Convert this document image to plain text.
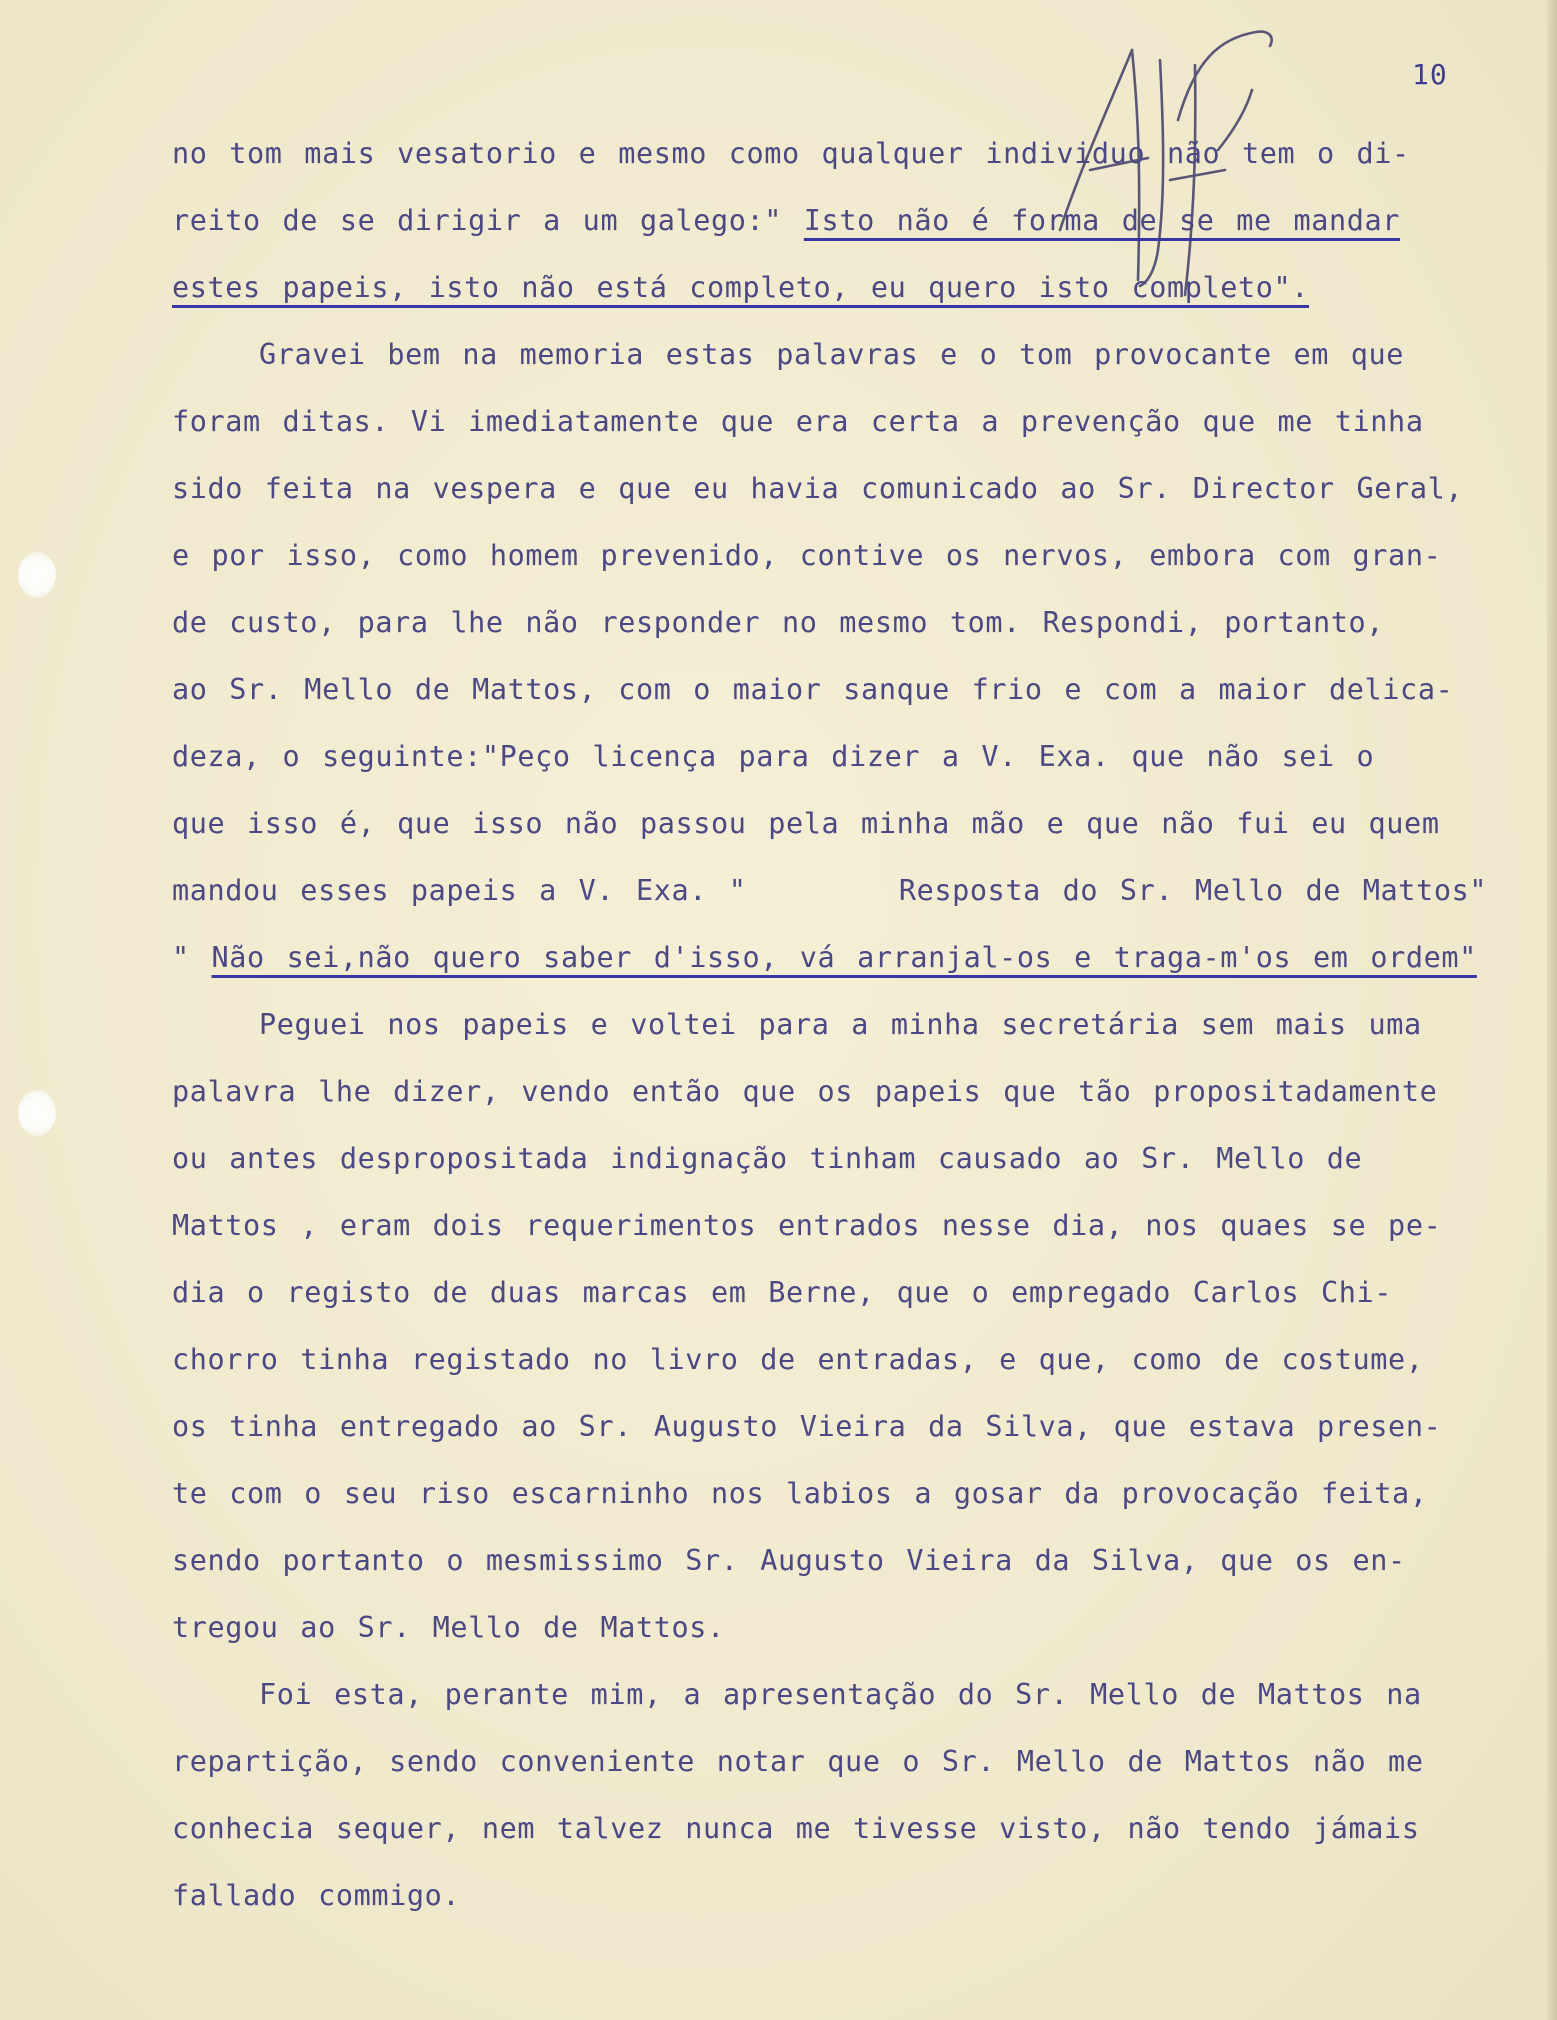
10
no tom mais vesatorio e mesmo como qualquer individuo não tem o di-
reito de se dirigir a um galego:" Isto não é forma de se me mandar
estes papeis, isto não está completo, eu quero isto completo".
Gravei bem na memoria estas palavras e o tom provocante em que
foram ditas. Vi imediatamente que era certa a prevenção que me tinha
sido feita na vespera e que eu havia comunicado ao Sr. Director Geral,
e por isso, como homem prevenido, contive os nervos, embora com gran-
de custo, para lhe não responder no mesmo tom. Respondi, portanto,
ao Sr. Mello de Mattos, com o maior sanque frio e com a maior delica-
deza, o seguinte:"Peço licença para dizer a V. Exa. que não sei o
que isso é, que isso não passou pela minha mão e que não fui eu quem
mandou esses papeis a V. Exa. "       Resposta do Sr. Mello de Mattos"
" Não sei,não quero saber d'isso, vá arranjal-os e traga-m'os em ordem"
Peguei nos papeis e voltei para a minha secretária sem mais uma
palavra lhe dizer, vendo então que os papeis que tão propositadamente
ou antes despropositada indignação tinham causado ao Sr. Mello de
Mattos , eram dois requerimentos entrados nesse dia, nos quaes se pe-
dia o registo de duas marcas em Berne, que o empregado Carlos Chi-
chorro tinha registado no livro de entradas, e que, como de costume,
os tinha entregado ao Sr. Augusto Vieira da Silva, que estava presen-
te com o seu riso escarninho nos labios a gosar da provocação feita,
sendo portanto o mesmissimo Sr. Augusto Vieira da Silva, que os en-
tregou ao Sr. Mello de Mattos.
Foi esta, perante mim, a apresentação do Sr. Mello de Mattos na
repartição, sendo conveniente notar que o Sr. Mello de Mattos não me
conhecia sequer, nem talvez nunca me tivesse visto, não tendo jámais
fallado commigo.
